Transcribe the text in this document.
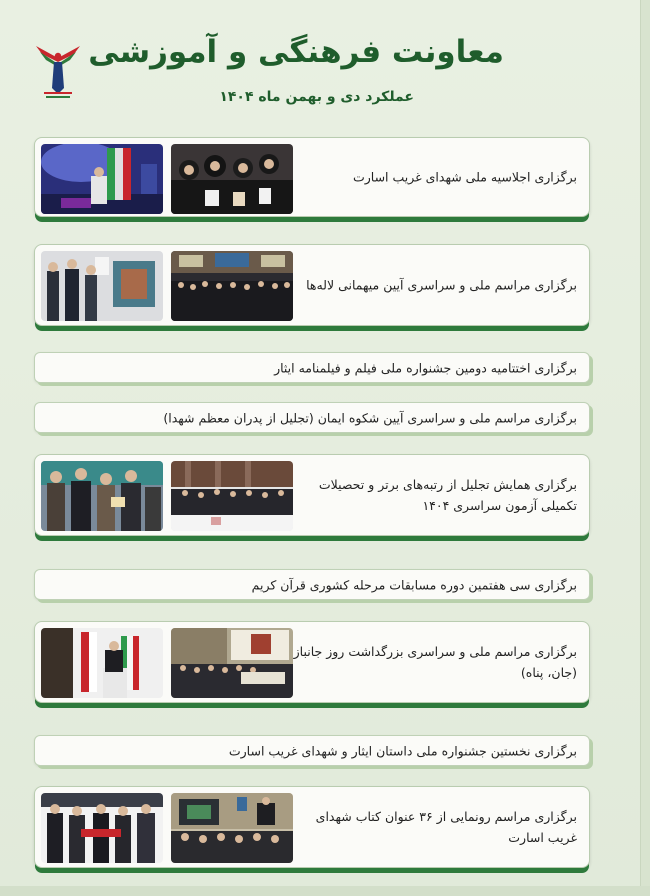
معاونت فرهنگی و آموزشی
عملکرد دی و بهمن ماه ۱۴۰۴
برگزاری اجلاسیه ملی شهدای غریب اسارت
برگزاری مراسم ملی و سراسری آیین میهمانی لاله‌ها
برگزاری اختتامیه دومین جشنواره ملی فیلم و فیلمنامه ایثار
برگزاری مراسم ملی و سراسری آیین شکوه ایمان (تجلیل از پدران معظم شهدا)
برگزاری همایش تجلیل از رتبه‌های برتر و تحصیلات تکمیلی آزمون سراسری ۱۴۰۴
برگزاری سی هفتمین دوره مسابقات مرحله کشوری قرآن کریم
برگزاری مراسم ملی و سراسری بزرگداشت روز جانباز (جان، پناه)
برگزاری نخستین جشنواره ملی داستان ایثار و شهدای غریب اسارت
برگزاری مراسم رونمایی از ۳۶ عنوان کتاب شهدای غریب اسارت
